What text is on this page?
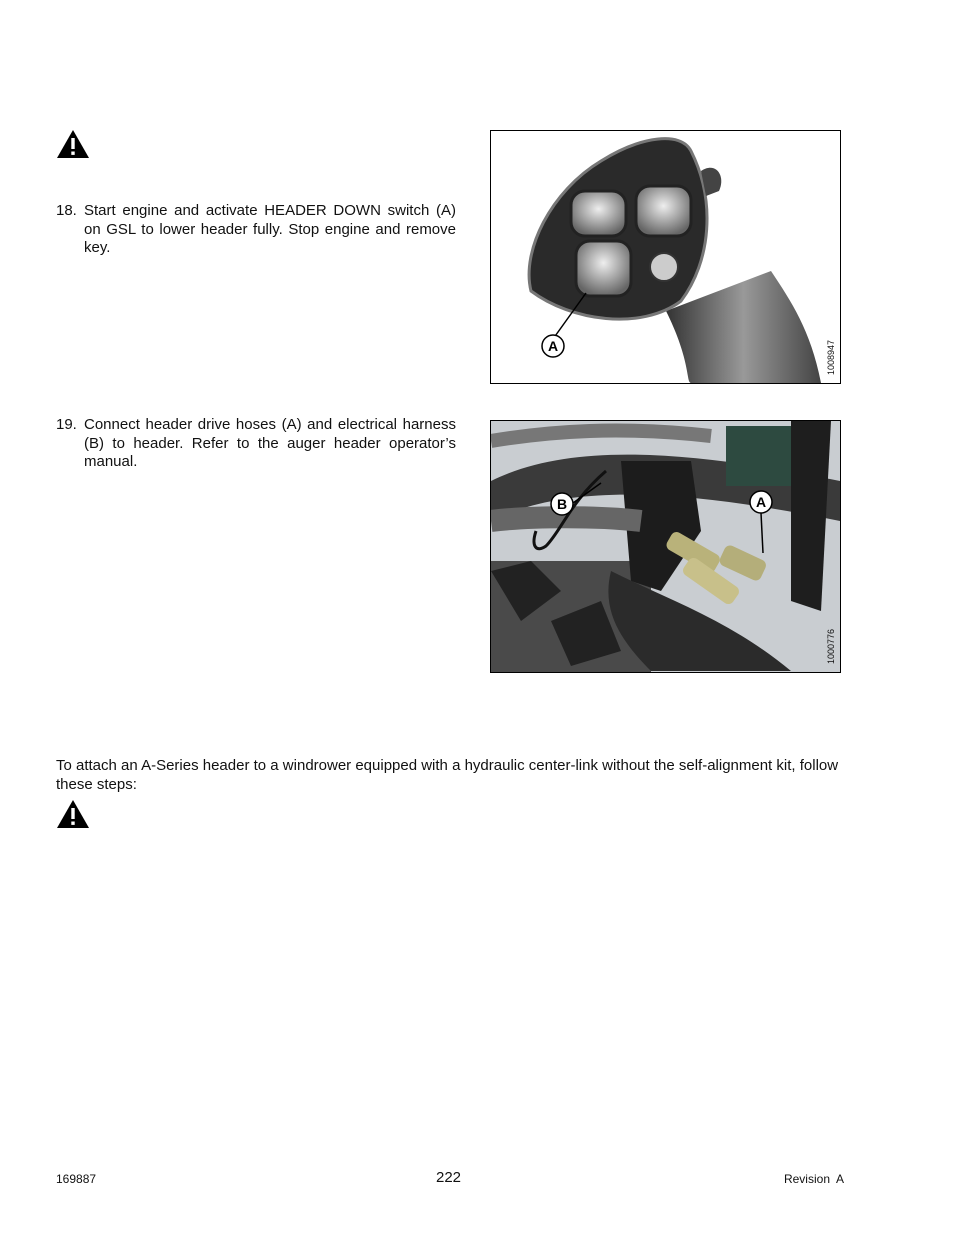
18. Start engine and activate HEADER DOWN switch (A) on GSL to lower header fully. Stop engine and remove key.
A	1008947
19. Connect header drive hoses (A) and electrical harness (B) to header. Refer to the auger header operator’s manual.
B	A
1000776
To attach an A-Series header to a windrower equipped with a hydraulic center-link without the self-alignment kit, follow these steps:
169887	222	Revision  A
